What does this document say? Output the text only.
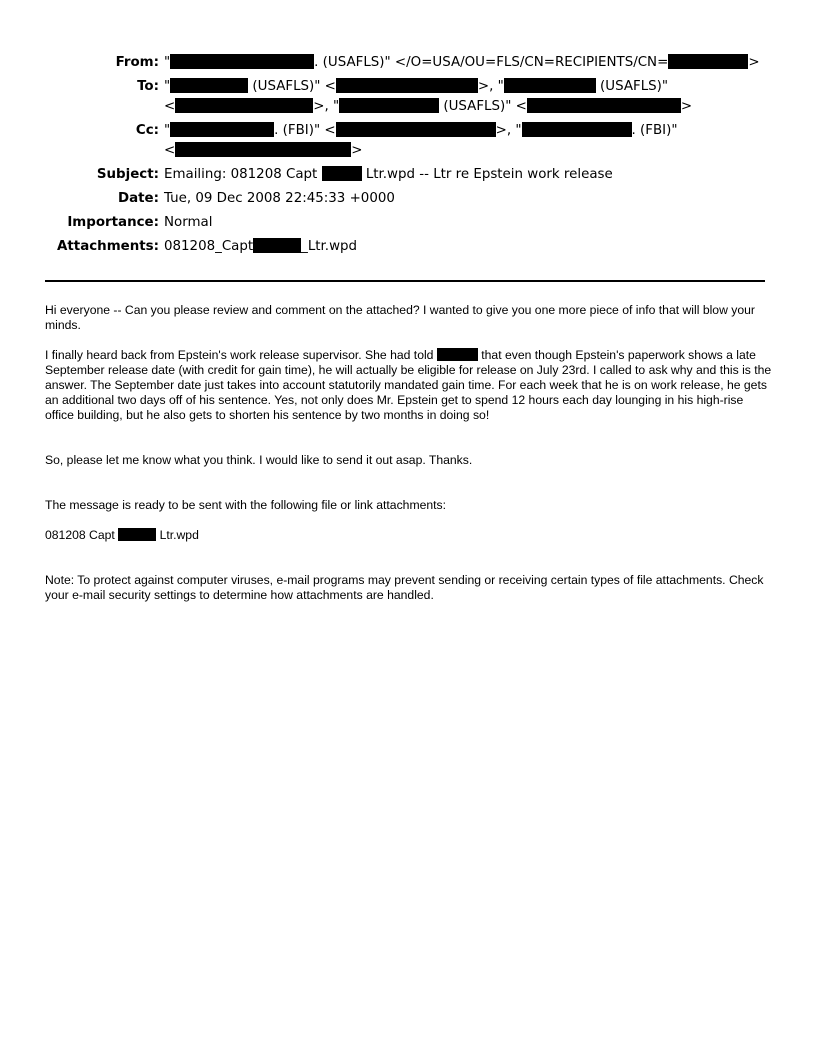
From: "	. (USAFLS)" </O=USA/OU=FLS/CN=RECIPIENTS/CN=	>
To: "	(USAFLS)" <	>, "	(USAFLS)"
<	>, "	(USAFLS)" <	>
Cc: "	. (FBI)" <	>, "	. (FBI)"
<	>
Subject: Emailing: 081208 Capt	Ltr.wpd -- Ltr re Epstein work release
Date: Tue, 09 Dec 2008 22:45:33 +0000
Importance: Normal
Attachments: 081208_Capt	_Ltr.wpd
Hi everyone -- Can you please review and comment on the attached? I wanted to give you one more piece of info that will blow your minds.
I finally heard back from Epstein's work release supervisor. She had told	that even though Epstein's paperwork shows a late September release date (with credit for gain time), he will actually be eligible for release on July 23rd. I called to ask why and this is the answer. The September date just takes into account statutorily mandated gain time. For each week that he is on work release, he gets an additional two days off of his sentence. Yes, not only does Mr. Epstein get to spend 12 hours each day lounging in his high-rise office building, but he also gets to shorten his sentence by two months in doing so!
So, please let me know what you think. I would like to send it out asap. Thanks.
The message is ready to be sent with the following file or link attachments:
081208 Capt	Ltr.wpd
Note: To protect against computer viruses, e-mail programs may prevent sending or receiving certain types of file attachments. Check your e-mail security settings to determine how attachments are handled.
